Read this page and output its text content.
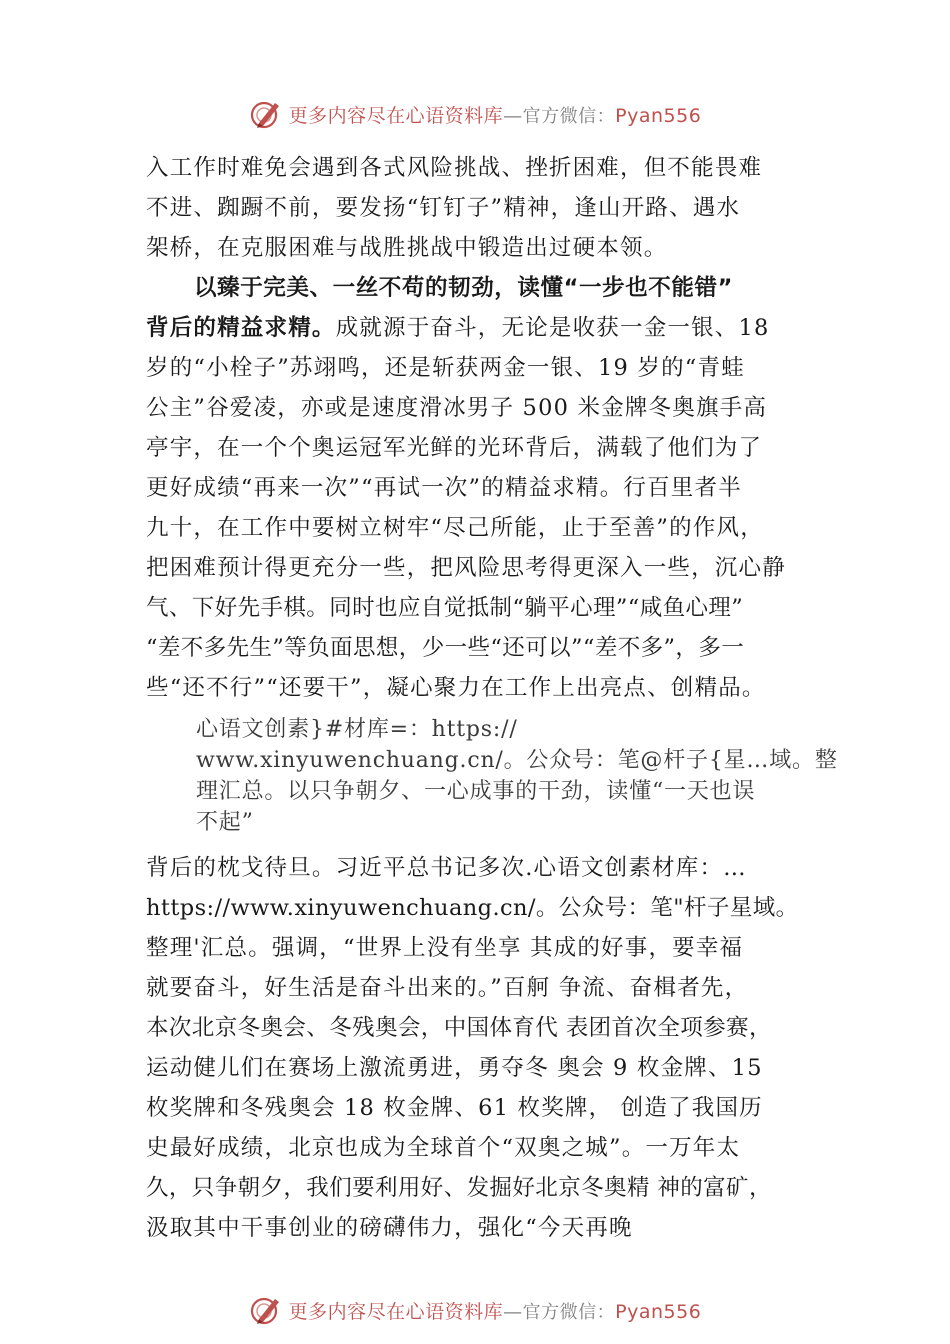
更多内容尽在心语资料库—官方微信：Pyan556
入工作时难免会遇到各式风险挑战、挫折困难，但不能畏难
不进、踟蹰不前，要发扬“钉钉子”精神，逢山开路、遇水
架桥，在克服困难与战胜挑战中锻造出过硬本领。
以臻于完美、一丝不苟的韧劲，读懂“一步也不能错”
背后的精益求精。成就源于奋斗，无论是收获一金一银、18
岁的“小栓子”苏翊鸣，还是斩获两金一银、19 岁的“青蛙
公主”谷爱凌，亦或是速度滑冰男子 500 米金牌冬奥旗手高
亭宇，在一个个奥运冠军光鲜的光环背后，满载了他们为了
更好成绩“再来一次”“再试一次”的精益求精。行百里者半
九十，在工作中要树立树牢“尽己所能，止于至善”的作风，
把困难预计得更充分一些，把风险思考得更深入一些，沉心静
气、下好先手棋。同时也应自觉抵制“躺平心理”“咸鱼心理”
“差不多先生”等负面思想，少一些“还可以”“差不多”，多一
些“还不行”“还要干”，凝心聚力在工作上出亮点、创精品。
心语文创素}#材库=：https://
www.xinyuwenchuang.cn/。公众号：笔@杆子{星…域。整
理汇总。以只争朝夕、一心成事的干劲，读懂“一天也误
不起”
背后的枕戈待旦。习近平总书记多次.心语文创素材库：…
https://www.xinyuwenchuang.cn/。公众号：笔"杆子星域。
整理'汇总。强调，“世界上没有坐享 其成的好事，要幸福
就要奋斗，好生活是奋斗出来的。”百舸 争流、奋楫者先，
本次北京冬奥会、冬残奥会，中国体育代 表团首次全项参赛，
运动健儿们在赛场上激流勇进，勇夺冬 奥会 9 枚金牌、15
枚奖牌和冬残奥会 18 枚金牌、61 枚奖牌， 创造了我国历
史最好成绩，北京也成为全球首个“双奥之城”。一万年太
久，只争朝夕，我们要利用好、发掘好北京冬奥精 神的富矿，
汲取其中干事创业的磅礴伟力，强化“今天再晚
更多内容尽在心语资料库—官方微信：Pyan556
